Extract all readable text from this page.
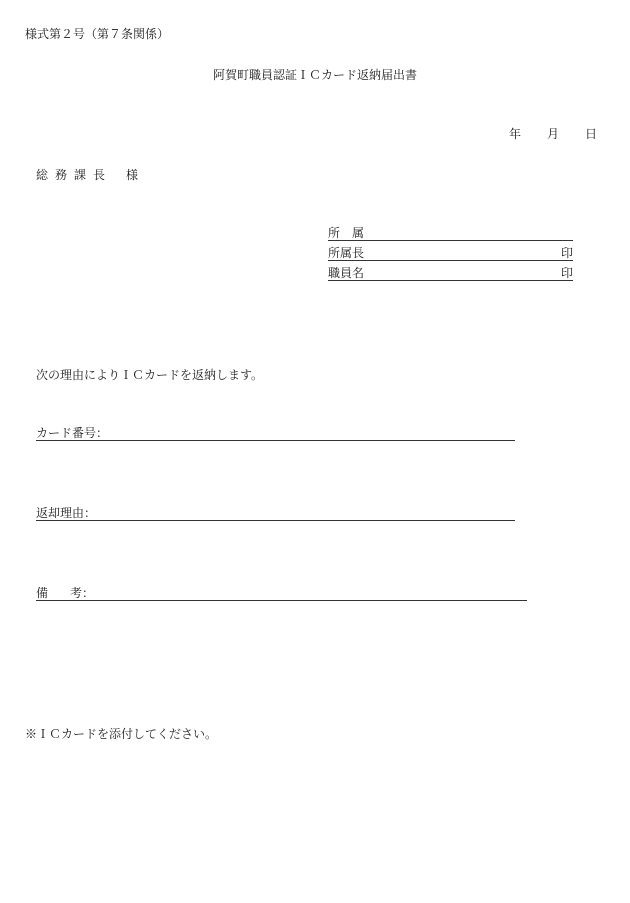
様式第２号（第７条関係）
阿賀町職員認証ＩＣカード返納届出書
年 月 日
総務課長 様
所属
所属長	印
職員名	印
次の理由によりＩＣカードを返納します。
カード番号：
返却理由：
備 考：
※ＩＣカードを添付してください。
